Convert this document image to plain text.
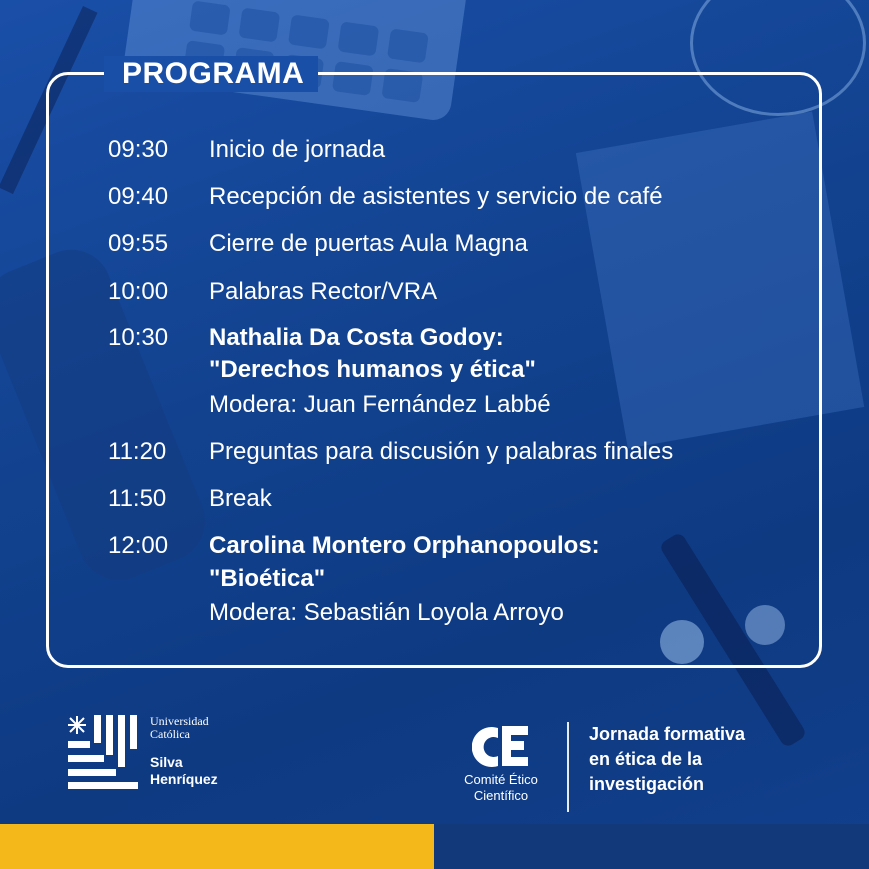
PROGRAMA
09:30	Inicio de jornada
09:40	Recepción de asistentes y servicio de café
09:55	Cierre de puertas Aula Magna
10:00	Palabras Rector/VRA
10:30	Nathalia Da Costa Godoy:
"Derechos humanos y ética"
Modera: Juan Fernández Labbé
11:20	Preguntas para discusión y palabras finales
11:50	Break
12:00	Carolina Montero Orphanopoulos:
"Bioética"
Modera: Sebastián Loyola Arroyo
Universidad
Católica
Silva
Henríquez	Comité Ético
Científico
Jornada formativa
en ética de la
investigación
